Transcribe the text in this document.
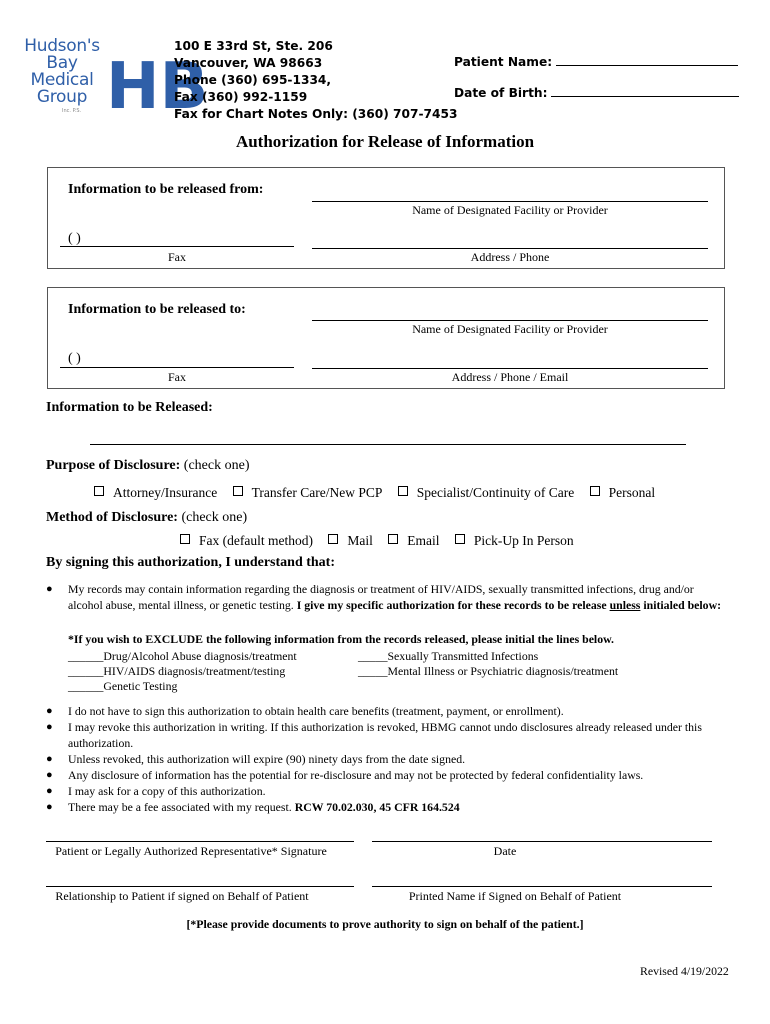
Hudson's
Bay
Medical
Group
Inc. P.S. HB
100 E 33rd St, Ste. 206
Vancouver, WA 98663
Phone (360) 695-1334,
Fax (360) 992-1159
Fax for Chart Notes Only: (360) 707-7453
Patient Name:
Date of Birth:
Authorization for Release of Information
Information to be released from:
Name of Designated Facility or Provider
( )
Fax	Address / Phone
Information to be released to:
Name of Designated Facility or Provider
( )
Fax	Address / Phone / Email
Information to be Released:
Purpose of Disclosure: (check one)
Attorney/Insurance	Transfer Care/New PCP	Specialist/Continuity of Care	Personal
Method of Disclosure: (check one)
Fax (default method)	Mail	Email	Pick-Up In Person
By signing this authorization, I understand that:
● My records may contain information regarding the diagnosis or treatment of HIV/AIDS, sexually transmitted infections, drug and/or alcohol abuse, mental illness, or genetic testing. I give my specific authorization for these records to be release unless initialed below:
*If you wish to EXCLUDE the following information from the records released, please initial the lines below.
______Drug/Alcohol Abuse diagnosis/treatment	_____Sexually Transmitted Infections
______HIV/AIDS diagnosis/treatment/testing	_____Mental Illness or Psychiatric diagnosis/treatment
______Genetic Testing
● I do not have to sign this authorization to obtain health care benefits (treatment, payment, or enrollment).
● I may revoke this authorization in writing. If this authorization is revoked, HBMG cannot undo disclosures already released under this authorization.
● Unless revoked, this authorization will expire (90) ninety days from the date signed.
● Any disclosure of information has the potential for re-disclosure and may not be protected by federal confidentiality laws.
● I may ask for a copy of this authorization.
● There may be a fee associated with my request. RCW 70.02.030, 45 CFR 164.524
Patient or Legally Authorized Representative* Signature	Date
Relationship to Patient if signed on Behalf of Patient	Printed Name if Signed on Behalf of Patient
[*Please provide documents to prove authority to sign on behalf of the patient.]
Revised 4/19/2022
